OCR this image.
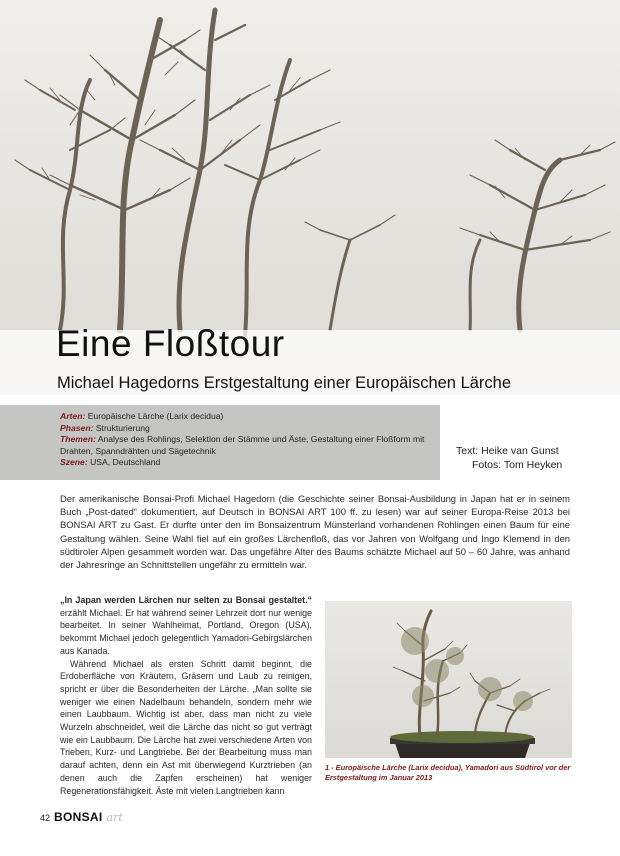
Eine Floßtour
Michael Hagedorns Erstgestaltung einer Europäischen Lärche
Arten: Europäische Lärche (Larix decidua)
Phasen: Strukturierung
Themen: Analyse des Rohlings, Selektion der Stämme und Äste, Gestaltung einer Floßform mit Drahten, Spanndrähten und Sägetechnik
Szene: USA, Deutschland
Text: Heike van Gunst
Fotos: Tom Heyken

Der amerikanische Bonsai-Profi Michael Hagedorn (die Geschichte seiner Bonsai-Ausbildung in Japan hat er in seinem Buch „Post-dated“ dokumentiert, auf Deutsch in BONSAI ART 100 ff. zu lesen) war auf seiner Europa-Reise 2013 bei BONSAI ART zu Gast. Er durfte unter den im Bonsaizentrum Münsterland vorhandenen Rohlingen einen Baum für eine Gestaltung wählen. Seine Wahl fiel auf ein großes Lärchenfloß, das vor Jahren von Wolfgang und Ingo Klemend in den südtiroler Alpen gesammelt worden war. Das ungefähre Alter des Baums schätzte Michael auf 50 – 60 Jahre, was anhand der Jahresringe an Schnittstellen ungefähr zu ermitteln war.

„In Japan werden Lärchen nur selten zu Bonsai gestaltet.“ erzählt Michael. Er hat während seiner Lehrzeit dort nur wenige bearbeitet. In seiner Wahlheimat, Portland, Oregon (USA), bekommt Michael jedoch gelegentlich Yamadori-Gebirgslärchen aus Kanada.

Während Michael als ersten Schritt damit beginnt, die Erdoberfläche von Kräutern, Gräsern und Laub zu reinigen, spricht er über die Besonderheiten der Lärche. „Man sollte sie weniger wie einen Nadelbaum behandeln, sondern mehr wie einen Laubbaum. Wichtig ist aber, dass man nicht zu viele Wurzeln abschneidet, weil die Lärche das nicht so gut verträgt wie ein Laubbaum. Die Lärche hat zwei verschiedene Arten von Trieben, Kurz- und Langtriebe. Bei der Bearbeitung muss man darauf achten, denn ein Ast mit überwiegend Kurztrieben (an denen auch die Zapfen erscheinen) hat weniger Regenerationsfähigkeit. Äste mit vielen Langtrieben kann

1 - Europäische Lärche (Larix decidua), Yamadori aus Südtirol vor der Erstgestaltung im Januar 2013
42 BONSAI art
